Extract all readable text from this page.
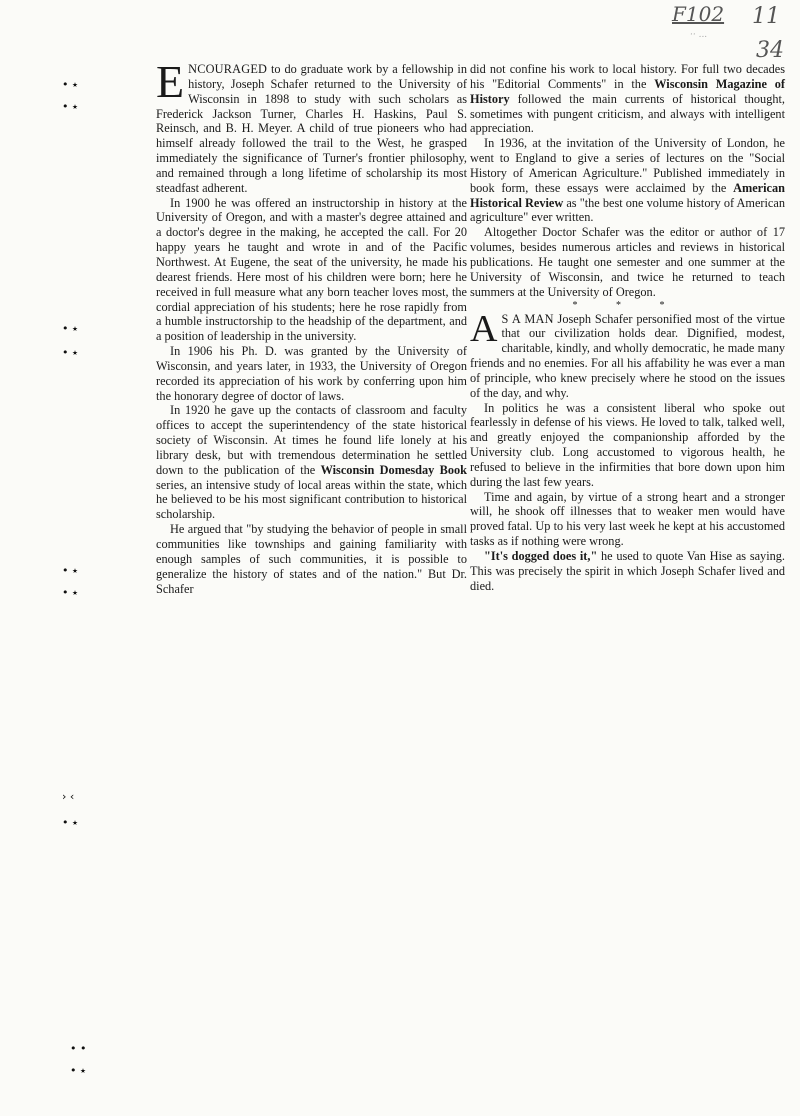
F102 11
34
·· ...
• ٭
• ٭
• ٭
• ٭
• ٭
• ٭
› ‹
• ٭
• •
• ٭

ENCOURAGED to do graduate work by a fellowship in history, Joseph Schafer returned to the University of Wisconsin in 1898 to study with such scholars as Frederick Jackson Turner, Charles H. Haskins, Paul S. Reinsch, and B. H. Meyer. A child of true pioneers who had himself already followed the trail to the West, he grasped immediately the significance of Turner's frontier philosophy, and remained through a long lifetime of scholarship its most steadfast adherent.

In 1900 he was offered an instructorship in history at the University of Oregon, and with a master's degree attained and a doctor's degree in the making, he accepted the call. For 20 happy years he taught and wrote in and of the Pacific Northwest. At Eugene, the seat of the university, he made his dearest friends. Here most of his children were born; here he received in full measure what any born teacher loves most, the cordial appreciation of his students; here he rose rapidly from a humble instructorship to the headship of the department, and a position of leadership in the university.

In 1906 his Ph. D. was granted by the University of Wisconsin, and years later, in 1933, the University of Oregon recorded its appreciation of his work by conferring upon him the honorary degree of doctor of laws.

In 1920 he gave up the contacts of classroom and faculty offices to accept the superintendency of the state historical society of Wisconsin. At times he found life lonely at his library desk, but with tremendous determination he settled down to the publication of the Wisconsin Domesday Book series, an intensive study of local areas within the state, which he believed to be his most significant contribution to historical scholarship.

He argued that "by studying the behavior of people in small communities like townships and gaining familiarity with enough samples of such communities, it is possible to generalize the history of states and of the nation." But Dr. Schafer

did not confine his work to local history. For full two decades his "Editorial Comments" in the Wisconsin Magazine of History followed the main currents of historical thought, sometimes with pungent criticism, and always with intelligent appreciation.

In 1936, at the invitation of the University of London, he went to England to give a series of lectures on the "Social History of American Agriculture." Published immediately in book form, these essays were acclaimed by the American Historical Review as "the best one volume history of American agriculture" ever written.

Altogether Doctor Schafer was the editor or author of 17 volumes, besides numerous articles and reviews in historical publications. He taught one semester and one summer at the University of Wisconsin, and twice he returned to teach summers at the University of Oregon.

* * *

A S A MAN Joseph Schafer personified most of the virtue that our civilization holds dear. Dignified, modest, charitable, kindly, and wholly democratic, he made many friends and no enemies. For all his affability he was ever a man of principle, who knew precisely where he stood on the issues of the day, and why.

In politics he was a consistent liberal who spoke out fearlessly in defense of his views. He loved to talk, talked well, and greatly enjoyed the companionship afforded by the University club. Long accustomed to vigorous health, he refused to believe in the infirmities that bore down upon him during the last few years.

Time and again, by virtue of a strong heart and a stronger will, he shook off illnesses that to weaker men would have proved fatal. Up to his very last week he kept at his accustomed tasks as if nothing were wrong.

"It's dogged does it," he used to quote Van Hise as saying. This was precisely the spirit in which Joseph Schafer lived and died.
